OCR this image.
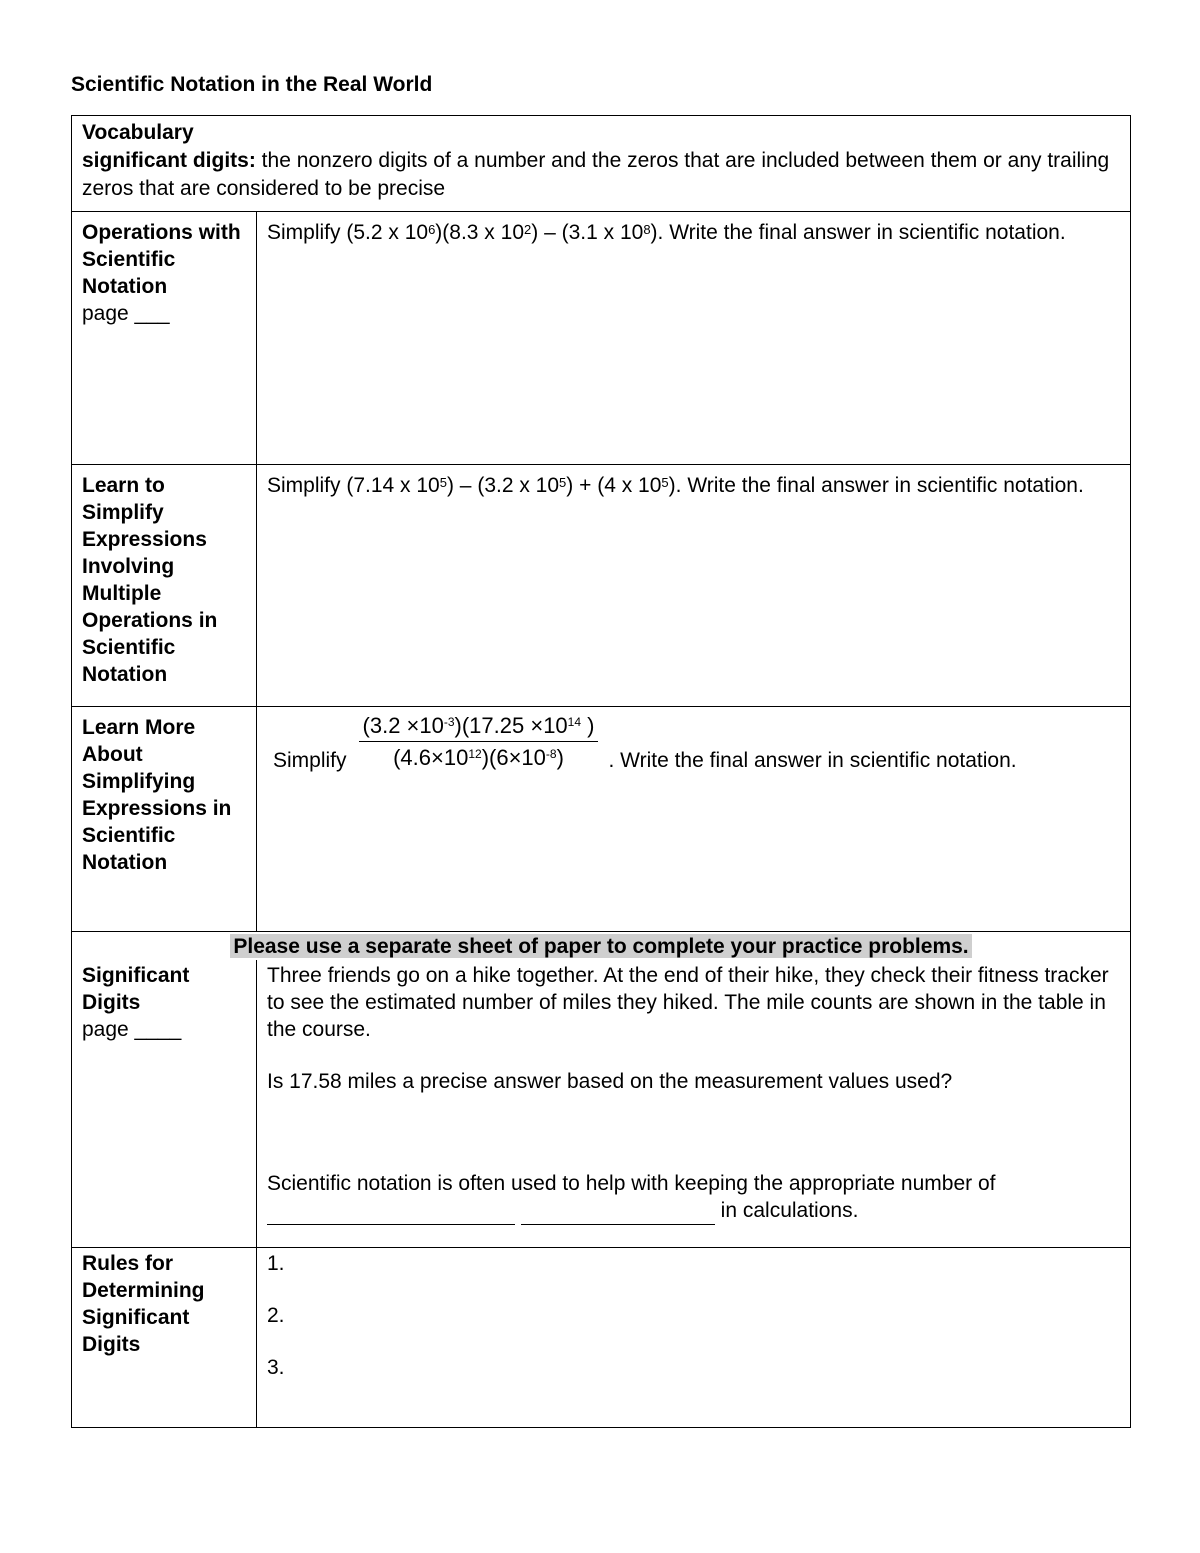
Scientific Notation in the Real World
Vocabulary
significant digits: the nonzero digits of a number and the zeros that are included between them or any trailing zeros that are considered to be precise
Operations with Scientific Notation
page ___

Simplify (5.2 x $10^6)(8.3$ x $10^2) - (3.1$ x $10^8$). Write the final answer in scientific notation.

Learn to Simplify Expressions Involving Multiple Operations in Scientific Notation

Simplify (7.14 x $10^5) - (3.2$ x $10^5) + (4$ x $10^5$). Write the final answer in scientific notation.

Learn More About Simplifying Expressions in Scientific Notation
Simplify $\frac{(3.2 \times 10^{-3})(17.25 \times 10^{14} )}{(4.6\times 10^{12})(6\times 10^{-8})}$ . Write the final answer in scientific notation.
Please use a separate sheet of paper to complete your practice problems.
Significant Digits
page ____

Three friends go on a hike together. At the end of their hike, they check their fitness tracker to see the estimated number of miles they hiked. The mile counts are shown in the table in the course.

Is 17.58 miles a precise answer based on the measurement values used?

Scientific notation is often used to help with keeping the appropriate number of

in calculations.

Rules for Determining Significant Digits

1.

2.

3.
